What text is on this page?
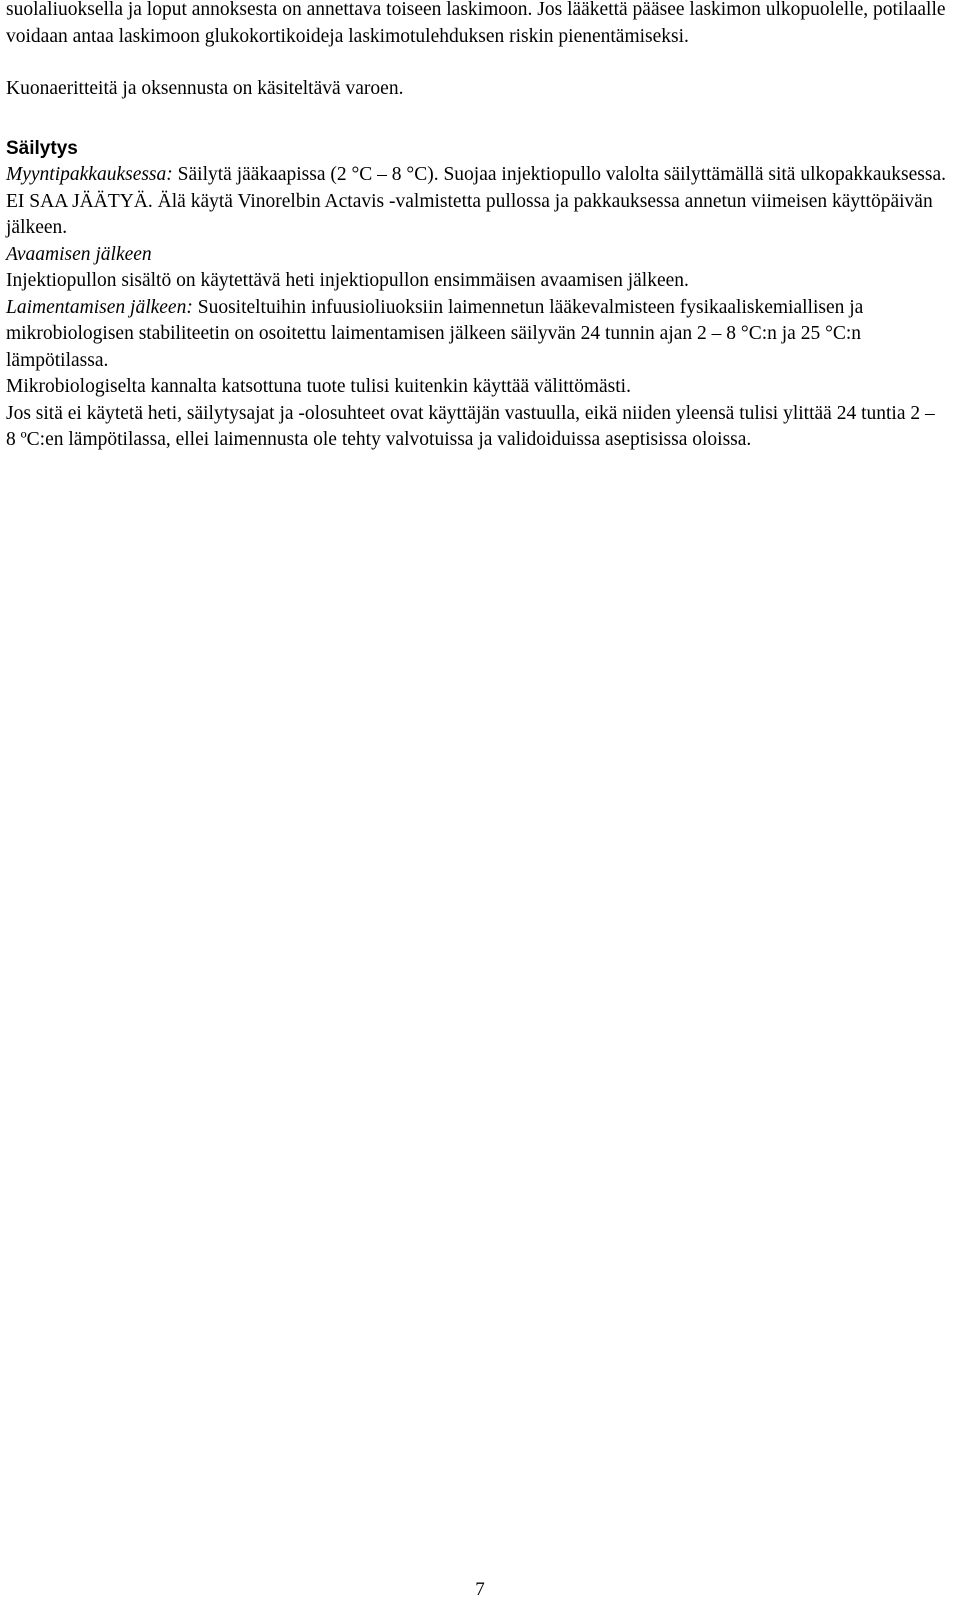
suolaliuoksella ja loput annoksesta on annettava toiseen laskimoon. Jos lääkettä pääsee laskimon ulkopuolelle, potilaalle voidaan antaa laskimoon glukokortikoideja laskimotulehduksen riskin pienentämiseksi.

Kuonaeritteitä ja oksennusta on käsiteltävä varoen.

Säilytys

Myyntipakkauksessa: Säilytä jääkaapissa (2 °C – 8 °C). Suojaa injektiopullo valolta säilyttämällä sitä ulkopakkauksessa. EI SAA JÄÄTYÄ. Älä käytä Vinorelbin Actavis -valmistetta pullossa ja pakkauksessa annetun viimeisen käyttöpäivän jälkeen.

Avaamisen jälkeen

Injektiopullon sisältö on käytettävä heti injektiopullon ensimmäisen avaamisen jälkeen.

Laimentamisen jälkeen: Suositeltuihin infuusioliuoksiin laimennetun lääkevalmisteen fysikaaliskemiallisen ja mikrobiologisen stabiliteetin on osoitettu laimentamisen jälkeen säilyvän 24 tunnin ajan 2 – 8 °C:n ja 25 °C:n lämpötilassa.

Mikrobiologiselta kannalta katsottuna tuote tulisi kuitenkin käyttää välittömästi.

Jos sitä ei käytetä heti, säilytysajat ja -olosuhteet ovat käyttäjän vastuulla, eikä niiden yleensä tulisi ylittää 24 tuntia 2 – 8 ºC:en lämpötilassa, ellei laimennusta ole tehty valvotuissa ja validoiduissa aseptisissa oloissa.

7
